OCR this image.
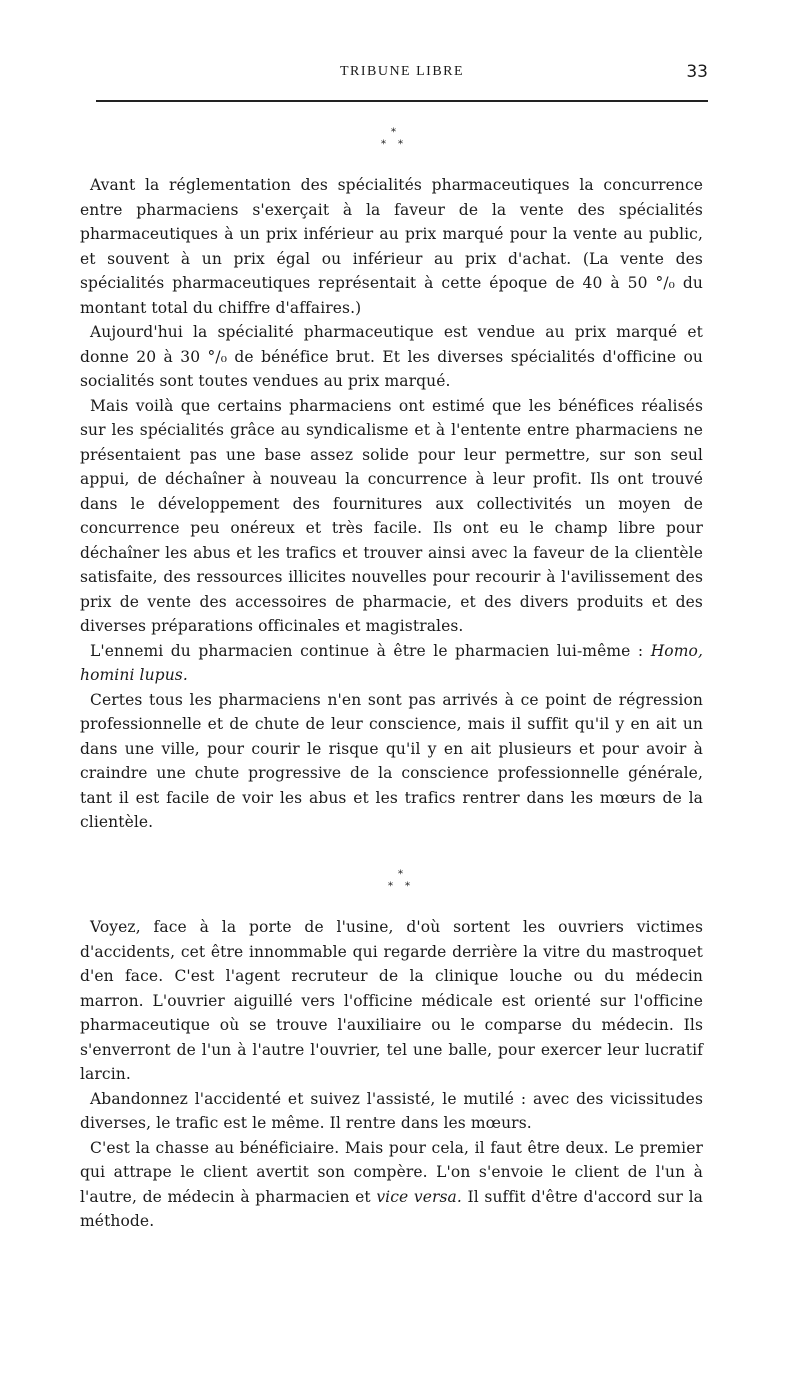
TRIBUNE LIBRE	33
*
* *

Avant la réglementation des spécialités pharmaceutiques la concurrence entre pharmaciens s'exerçait à la faveur de la vente des spécialités pharmaceutiques à un prix inférieur au prix marqué pour la vente au public, et souvent à un prix égal ou inférieur au prix d'achat. (La vente des spécialités pharmaceutiques représentait à cette époque de 40 à 50 °/₀ du montant total du chiffre d'affaires.)

Aujourd'hui la spécialité pharmaceutique est vendue au prix marqué et donne 20 à 30 °/₀ de bénéfice brut. Et les diverses spécialités d'officine ou socialités sont toutes vendues au prix marqué.

Mais voilà que certains pharmaciens ont estimé que les bénéfices réalisés sur les spécialités grâce au syndicalisme et à l'entente entre pharmaciens ne présentaient pas une base assez solide pour leur permettre, sur son seul appui, de déchaîner à nouveau la concurrence à leur profit. Ils ont trouvé dans le développement des fournitures aux collectivités un moyen de concurrence peu onéreux et très facile. Ils ont eu le champ libre pour déchaîner les abus et les trafics et trouver ainsi avec la faveur de la clientèle satisfaite, des ressources illicites nouvelles pour recourir à l'avilissement des prix de vente des accessoires de pharmacie, et des divers produits et des diverses préparations officinales et magistrales.

L'ennemi du pharmacien continue à être le pharmacien lui-même : Homo, homini lupus.

Certes tous les pharmaciens n'en sont pas arrivés à ce point de régression professionnelle et de chute de leur conscience, mais il suffit qu'il y en ait un dans une ville, pour courir le risque qu'il y en ait plusieurs et pour avoir à craindre une chute progressive de la conscience professionnelle générale, tant il est facile de voir les abus et les trafics rentrer dans les mœurs de la clientèle.

*
* *

Voyez, face à la porte de l'usine, d'où sortent les ouvriers victimes d'accidents, cet être innommable qui regarde derrière la vitre du mastroquet d'en face. C'est l'agent recruteur de la clinique louche ou du médecin marron. L'ouvrier aiguillé vers l'officine médicale est orienté sur l'officine pharmaceutique où se trouve l'auxiliaire ou le comparse du médecin. Ils s'enverront de l'un à l'autre l'ouvrier, tel une balle, pour exercer leur lucratif larcin.

Abandonnez l'accidenté et suivez l'assisté, le mutilé : avec des vicissitudes diverses, le trafic est le même. Il rentre dans les mœurs.

C'est la chasse au bénéficiaire. Mais pour cela, il faut être deux. Le premier qui attrape le client avertit son compère. L'on s'envoie le client de l'un à l'autre, de médecin à pharmacien et vice versa. Il suffit d'être d'accord sur la méthode.
